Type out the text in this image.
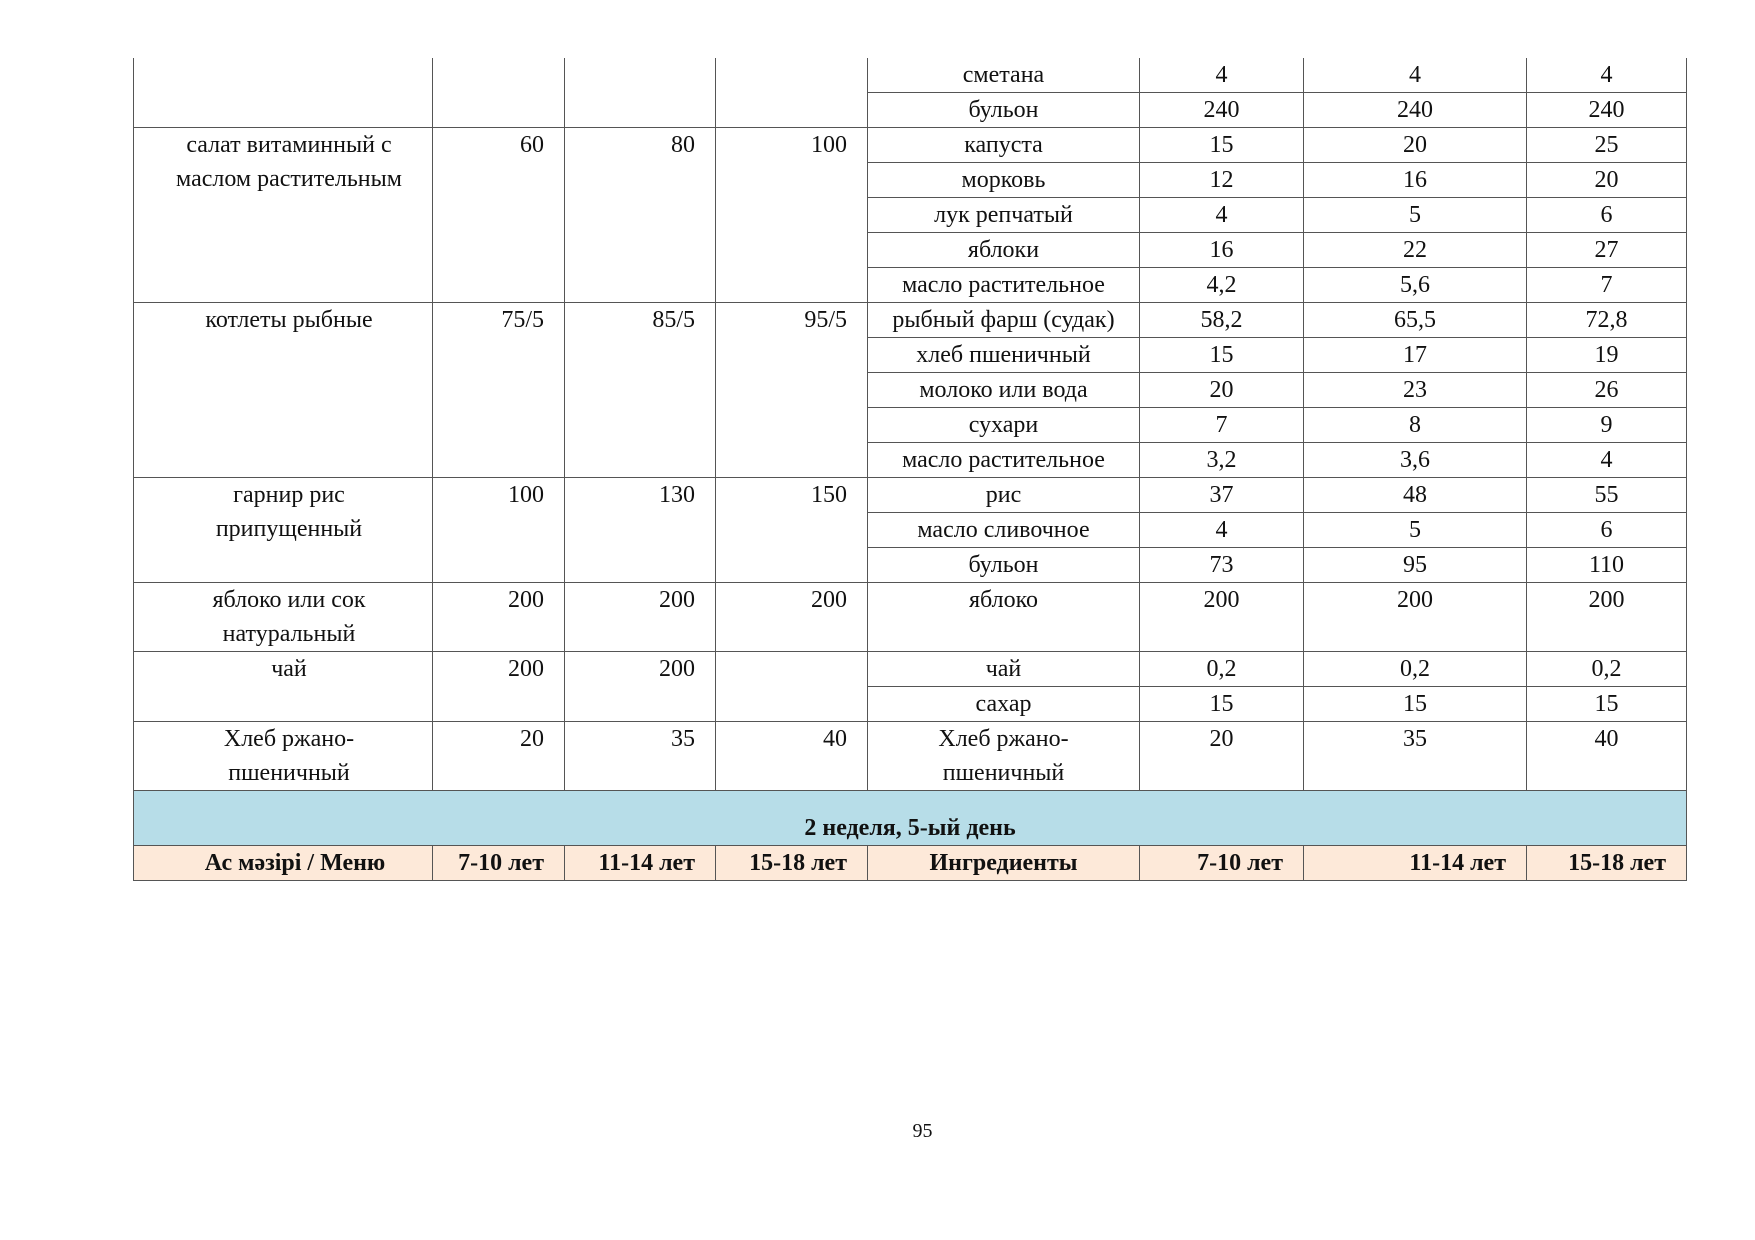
				сметана	4	4	4
				бульон	240	240	240
салат витаминный с маслом растительным	60	80	100	капуста	15	20	25
				морковь	12	16	20
				лук репчатый	4	5	6
				яблоки	16	22	27
				масло растительное	4,2	5,6	7
котлеты рыбные	75/5	85/5	95/5	рыбный фарш (судак)	58,2	65,5	72,8
				хлеб пшеничный	15	17	19
				молоко или вода	20	23	26
				сухари	7	8	9
				масло растительное	3,2	3,6	4
гарнир рис припущенный	100	130	150	рис	37	48	55
				масло сливочное	4	5	6
				бульон	73	95	110
яблоко или сок натуральный	200	200	200	яблоко	200	200	200
чай	200	200		чай	0,2	0,2	0,2
				сахар	15	15	15
Хлеб ржано-пшеничный	20	35	40	Хлеб ржано-пшеничный	20	35	40
2 неделя, 5-ый день							
Ас мәзірі / Меню	7-10 лет	11-14 лет	15-18 лет	Ингредиенты	7-10 лет	11-14 лет	15-18 лет
95
